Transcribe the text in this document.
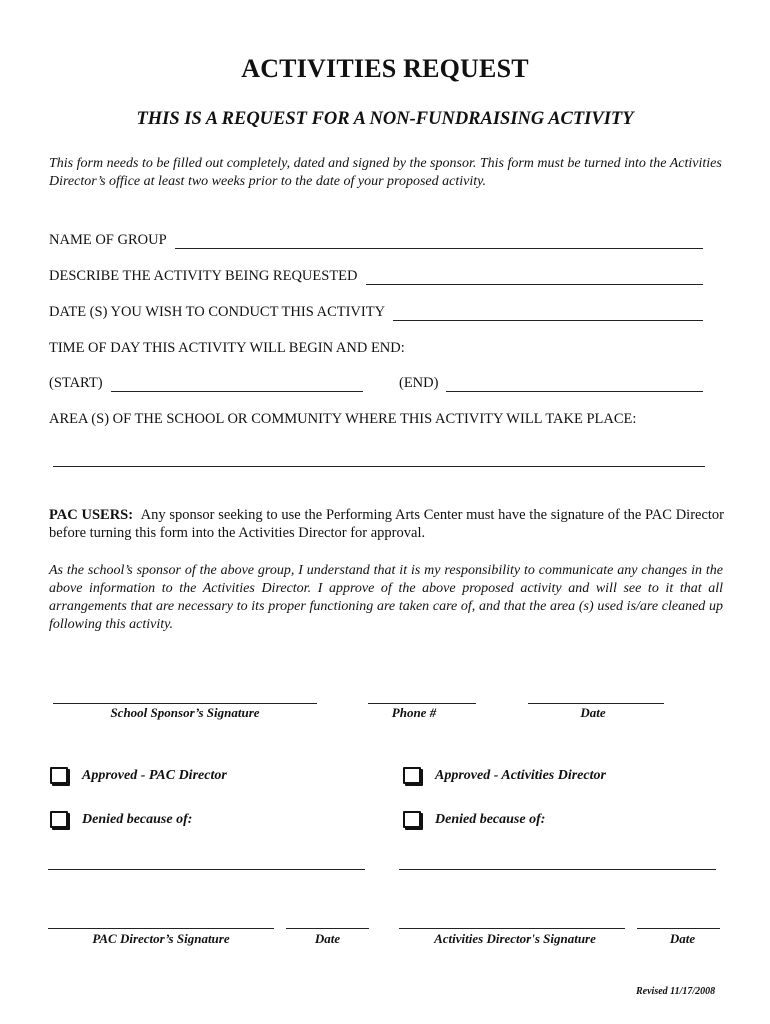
ACTIVITIES REQUEST
THIS IS A REQUEST FOR A NON-FUNDRAISING ACTIVITY
This form needs to be filled out completely, dated and signed by the sponsor. This form must be turned into the Activities Director’s office at least two weeks prior to the date of your proposed activity.
NAME OF GROUP
DESCRIBE THE ACTIVITY BEING REQUESTED
DATE (S) YOU WISH TO CONDUCT THIS ACTIVITY
TIME OF DAY THIS ACTIVITY WILL BEGIN AND END:
(START)	(END)
AREA (S) OF THE SCHOOL OR COMMUNITY WHERE THIS ACTIVITY WILL TAKE PLACE:
PAC USERS: Any sponsor seeking to use the Performing Arts Center must have the signature of the PAC Director before turning this form into the Activities Director for approval.
As the school’s sponsor of the above group, I understand that it is my responsibility to communicate any changes in the above information to the Activities Director. I approve of the above proposed activity and will see to it that all arrangements that are necessary to its proper functioning are taken care of, and that the area (s) used is/are cleaned up following this activity.
School Sponsor’s Signature	Phone #	Date
Approved - PAC Director	Approved - Activities Director
Denied because of:	Denied because of:
PAC Director’s Signature	Date	Activities Director's Signature	Date
Revised 11/17/2008
